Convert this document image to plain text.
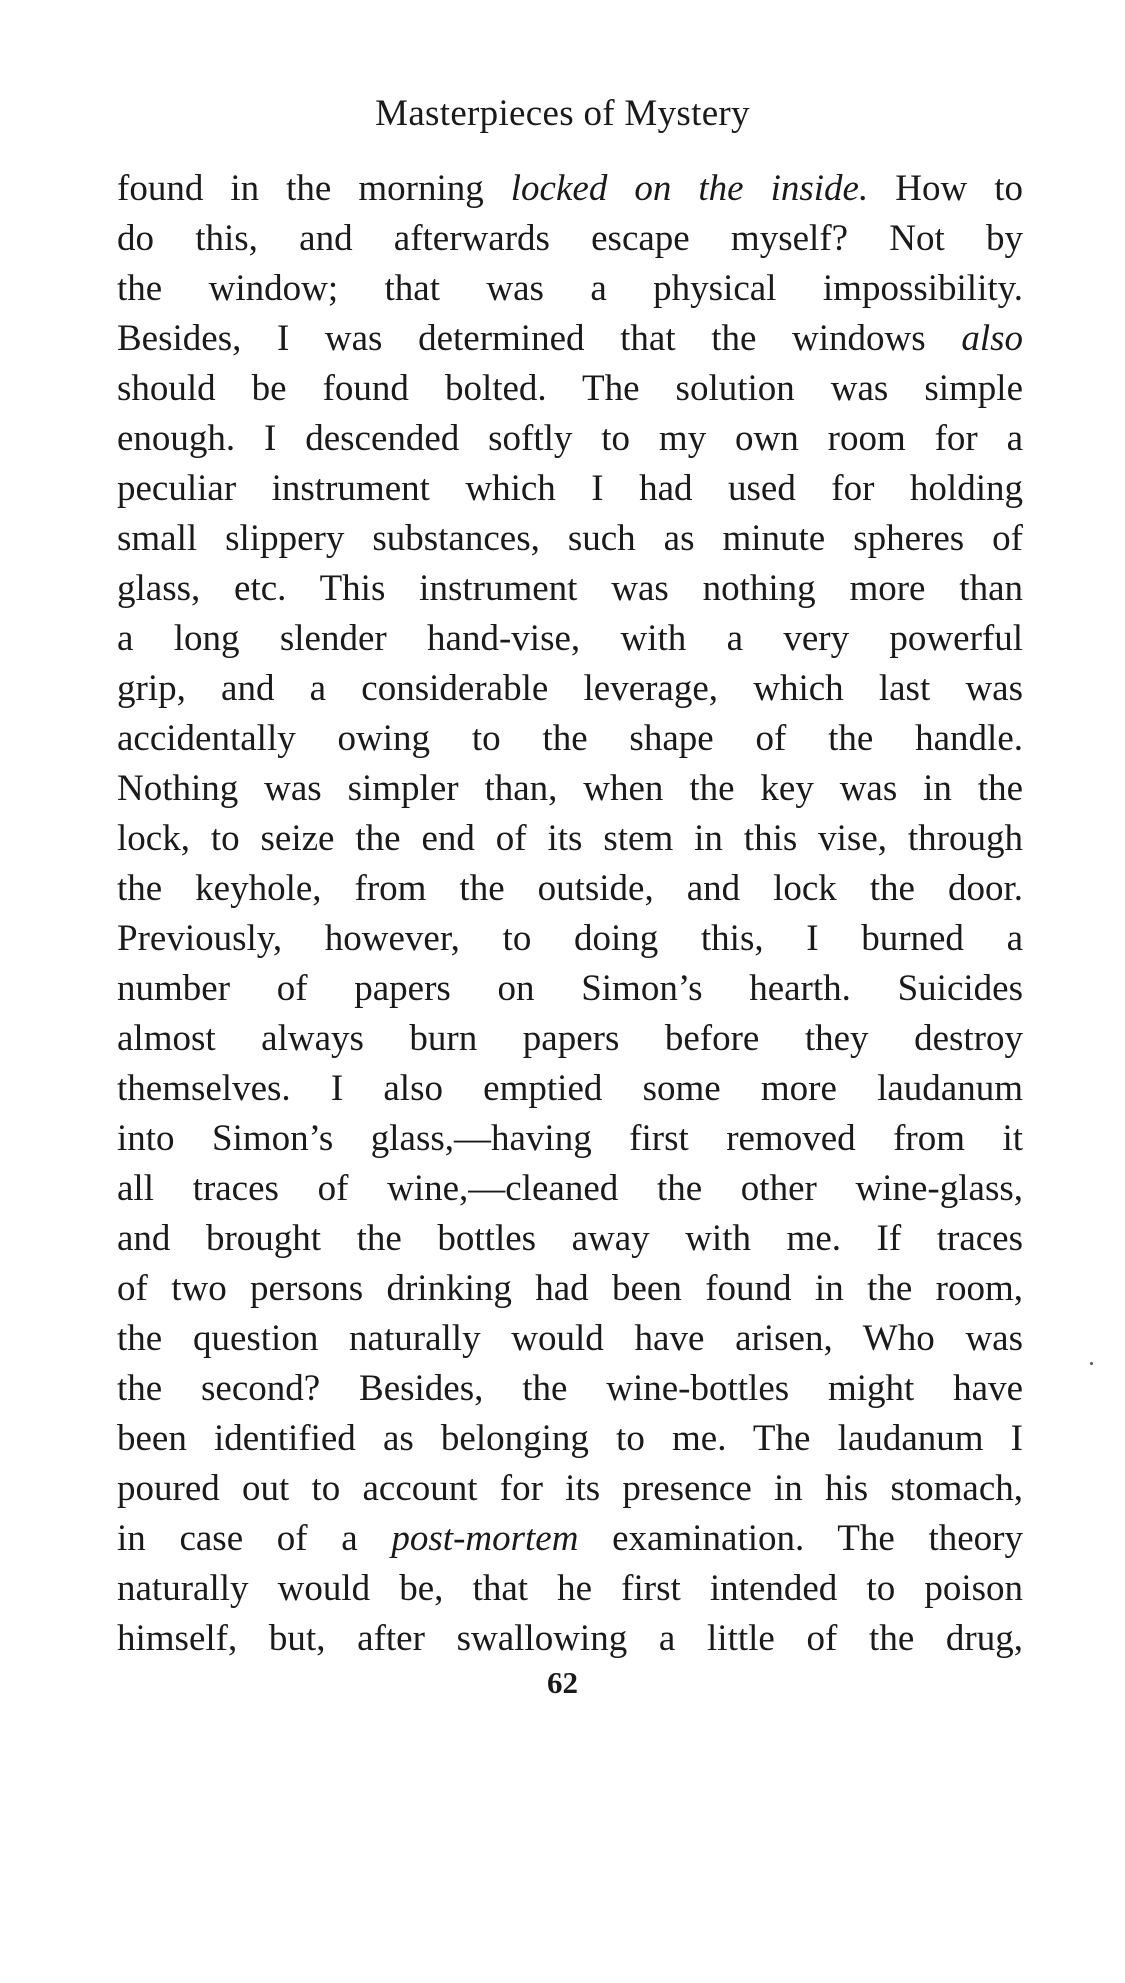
Masterpieces of Mystery
found in the morning locked on the inside. How to
do this, and afterwards escape myself? Not by
the window; that was a physical impossibility.
Besides, I was determined that the windows also
should be found bolted. The solution was simple
enough. I descended softly to my own room for a
peculiar instrument which I had used for holding
small slippery substances, such as minute spheres of
glass, etc. This instrument was nothing more than
a long slender hand-vise, with a very powerful
grip, and a considerable leverage, which last was
accidentally owing to the shape of the handle.
Nothing was simpler than, when the key was in the
lock, to seize the end of its stem in this vise, through
the keyhole, from the outside, and lock the door.
Previously, however, to doing this, I burned a
number of papers on Simon’s hearth. Suicides
almost always burn papers before they destroy
themselves. I also emptied some more laudanum
into Simon’s glass,—having first removed from it
all traces of wine,—cleaned the other wine-glass,
and brought the bottles away with me. If traces
of two persons drinking had been found in the room,
the question naturally would have arisen, Who was
the second? Besides, the wine-bottles might have
been identified as belonging to me. The laudanum I
poured out to account for its presence in his stomach,
in case of a post-mortem examination. The theory
naturally would be, that he first intended to poison
himself, but, after swallowing a little of the drug,
62
